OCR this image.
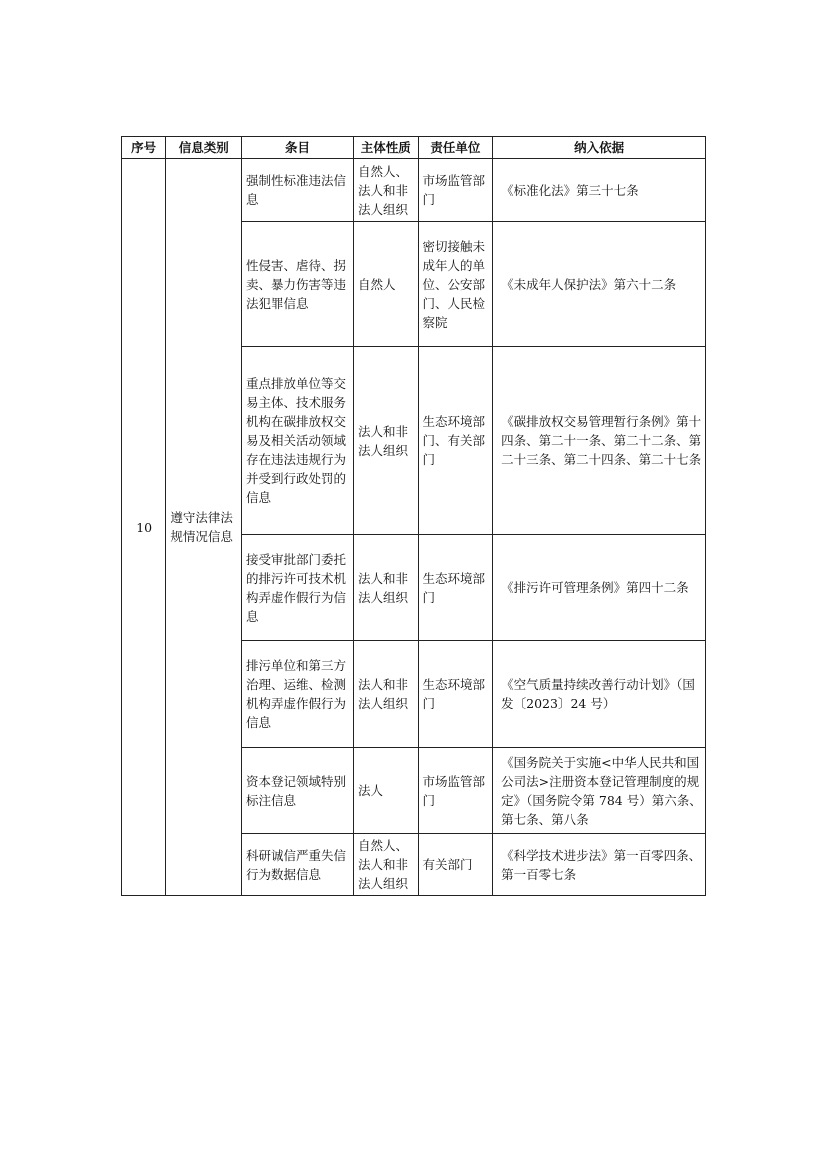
序号	信息类别	条目	主体性质	责任单位	纳入依据
10	遵守法律法规情况信息	强制性标准违法信息	自然人、法人和非法人组织	市场监管部门	《标准化法》第三十七条
		性侵害、虐待、拐卖、暴力伤害等违法犯罪信息	自然人	密切接触未成年人的单位、公安部门、人民检察院	《未成年人保护法》第六十二条
		重点排放单位等交易主体、技术服务机构在碳排放权交易及相关活动领域存在违法违规行为并受到行政处罚的信息	法人和非法人组织	生态环境部门、有关部门	《碳排放权交易管理暂行条例》第十四条、第二十一条、第二十二条、第二十三条、第二十四条、第二十七条
		接受审批部门委托的排污许可技术机构弄虚作假行为信息	法人和非法人组织	生态环境部门	《排污许可管理条例》第四十二条
		排污单位和第三方治理、运维、检测机构弄虚作假行为信息	法人和非法人组织	生态环境部门	《空气质量持续改善行动计划》（国发〔2023〕24 号）
		资本登记领域特别标注信息	法人	市场监管部门	《国务院关于实施<中华人民共和国公司法>注册资本登记管理制度的规定》（国务院令第 784 号）第六条、第七条、第八条
		科研诚信严重失信行为数据信息	自然人、法人和非法人组织	有关部门	《科学技术进步法》第一百零四条、第一百零七条
